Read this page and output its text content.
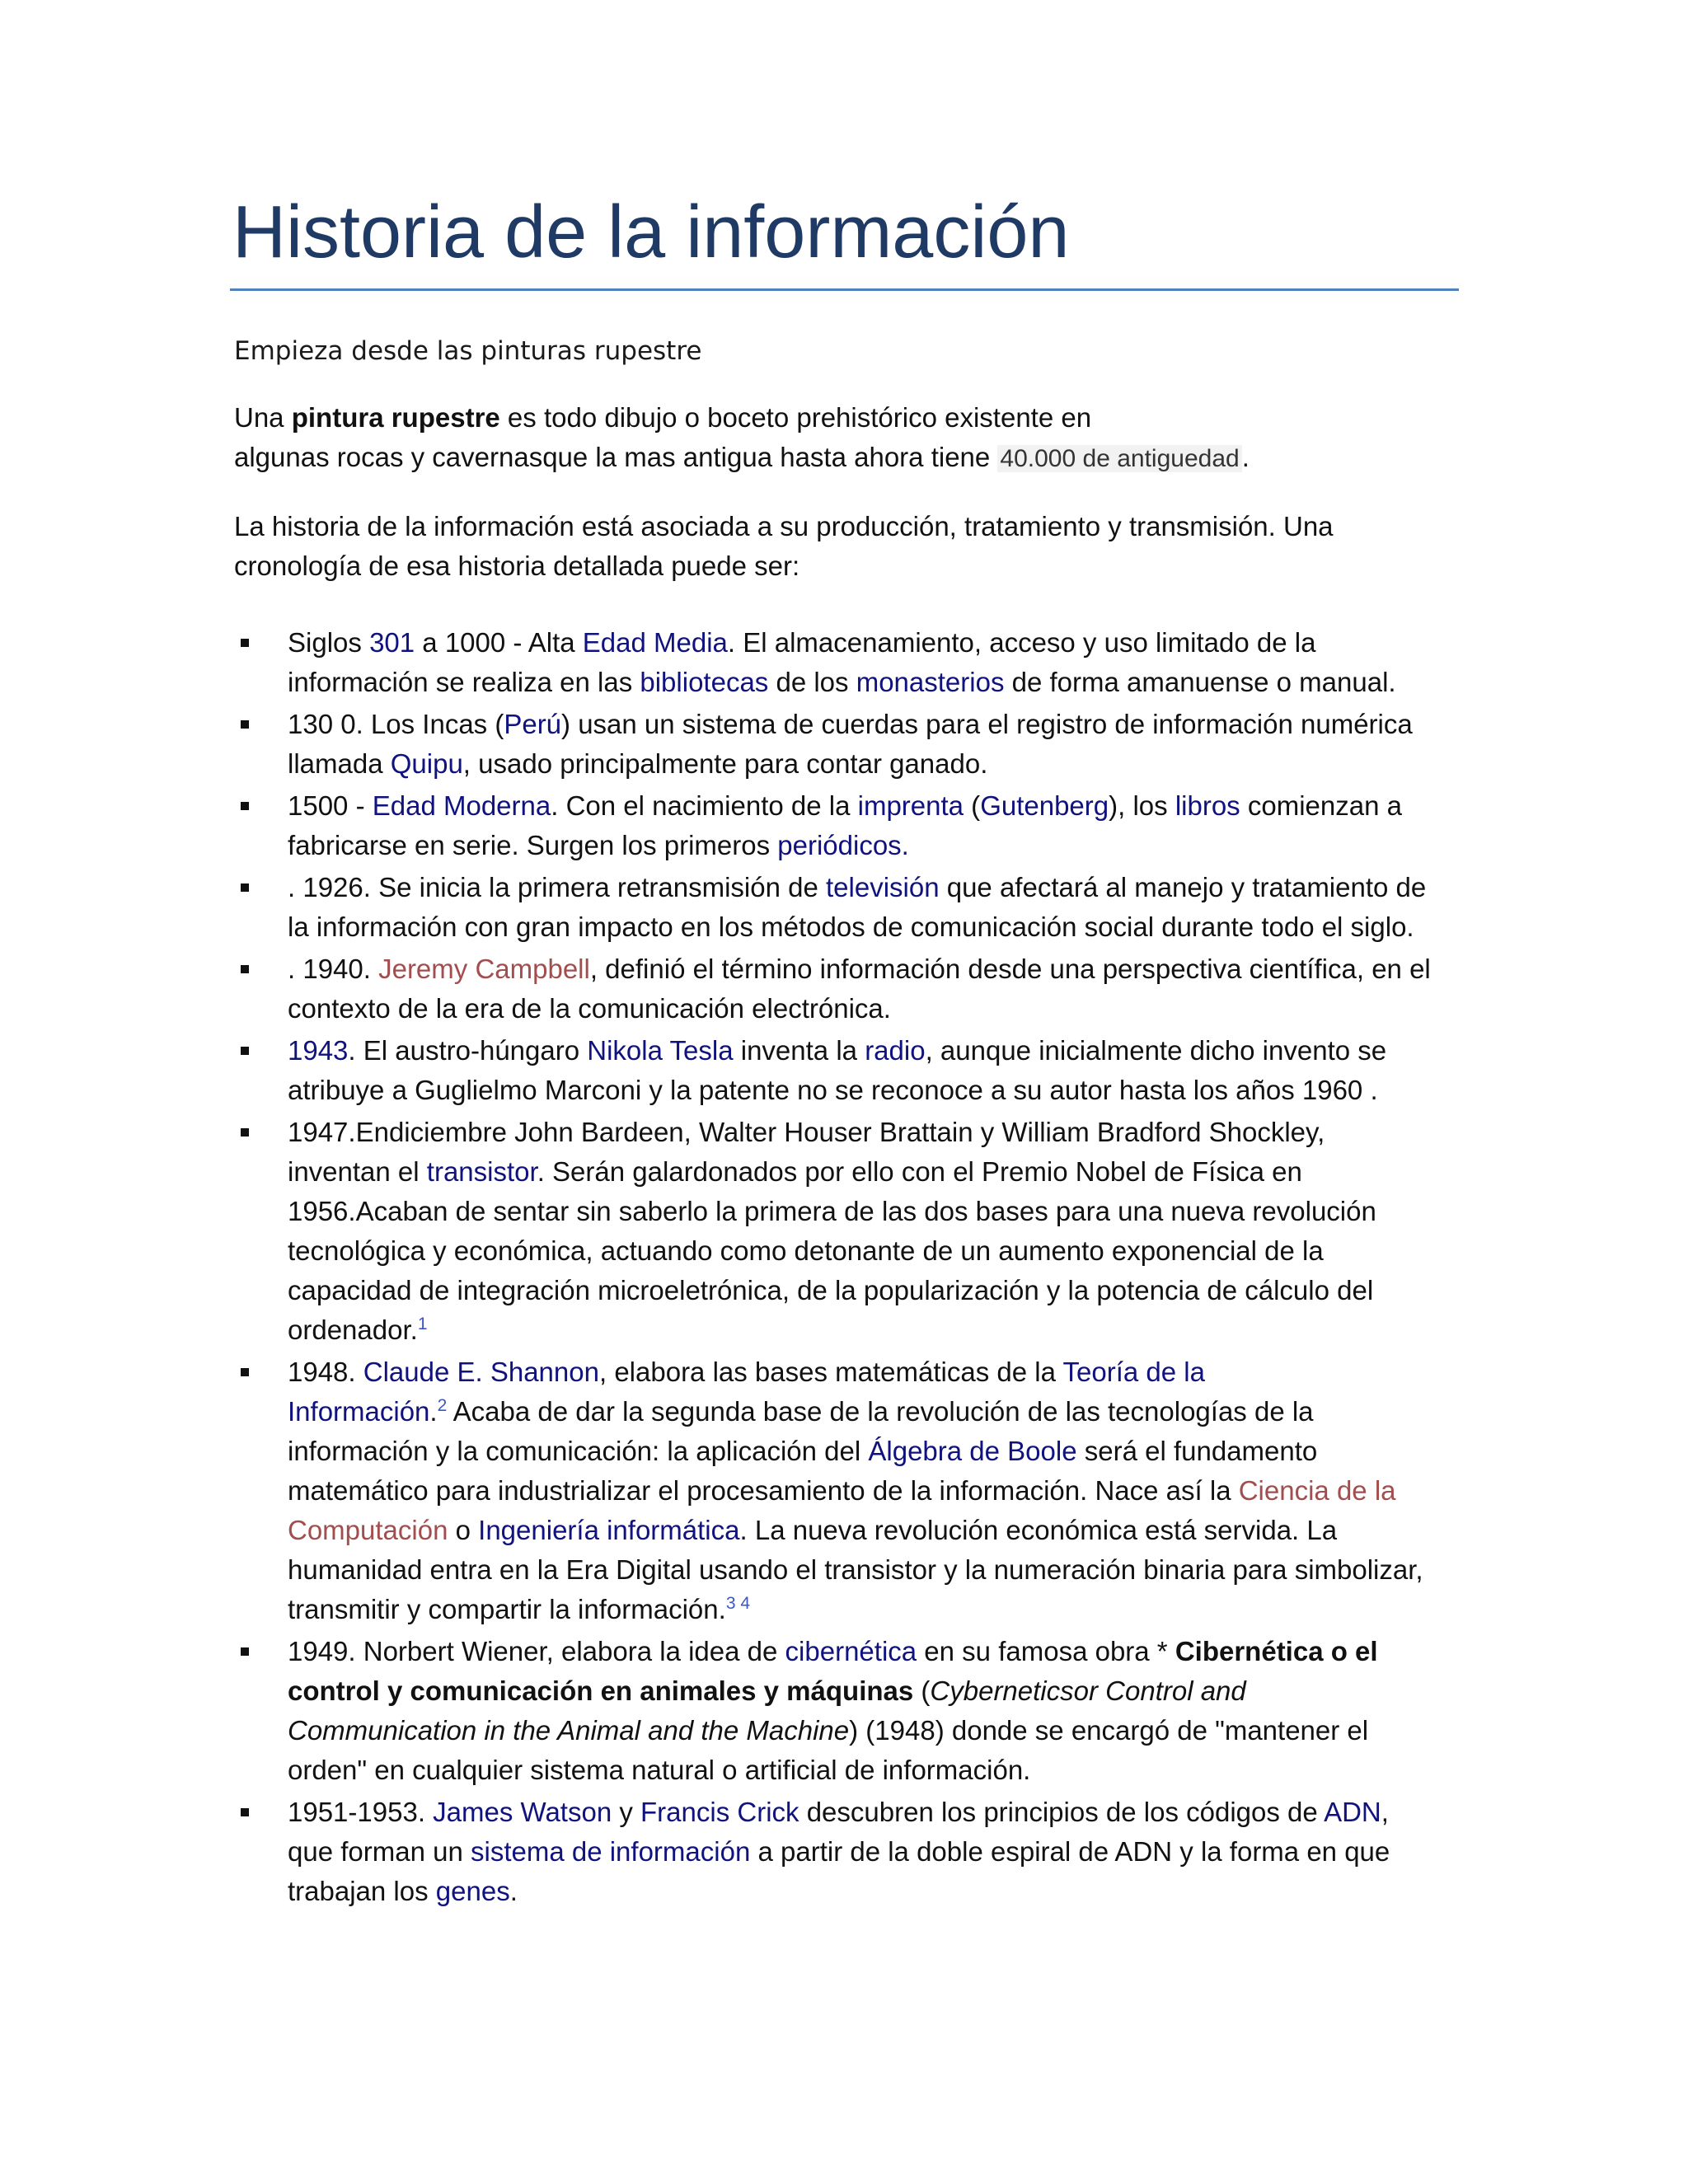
Historia de la información

Empieza desde las pinturas rupestre

Una pintura rupestre es todo dibujo o boceto prehistórico existente en
algunas rocas y cavernasque la mas antigua hasta ahora tiene 40.000 de antiguedad.

La historia de la información está asociada a su producción, tratamiento y transmisión. Una
cronología de esa historia detallada puede ser:

Siglos 301 a 1000 - Alta Edad Media. El almacenamiento, acceso y uso limitado de la
información se realiza en las bibliotecas de los monasterios de forma amanuense o manual.
130 0. Los Incas (Perú) usan un sistema de cuerdas para el registro de información numérica
llamada Quipu, usado principalmente para contar ganado.
1500 - Edad Moderna. Con el nacimiento de la imprenta (Gutenberg), los libros comienzan a
fabricarse en serie. Surgen los primeros periódicos.
. 1926. Se inicia la primera retransmisión de televisión que afectará al manejo y tratamiento de
la información con gran impacto en los métodos de comunicación social durante todo el siglo.
. 1940. Jeremy Campbell, definió el término información desde una perspectiva científica, en el
contexto de la era de la comunicación electrónica.
1943. El austro-húngaro Nikola Tesla inventa la radio, aunque inicialmente dicho invento se
atribuye a Guglielmo Marconi y la patente no se reconoce a su autor hasta los años 1960 .
1947.Endiciembre John Bardeen, Walter Houser Brattain y William Bradford Shockley,
inventan el transistor. Serán galardonados por ello con el Premio Nobel de Física en
1956.Acaban de sentar sin saberlo la primera de las dos bases para una nueva revolución
tecnológica y económica, actuando como detonante de un aumento exponencial de la
capacidad de integración microeletrónica, de la popularización y la potencia de cálculo del
ordenador.$^1$
1948. Claude E. Shannon, elabora las bases matemáticas de la Teoría de la
Información.$^2$ Acaba de dar la segunda base de la revolución de las tecnologías de la
información y la comunicación: la aplicación del Álgebra de Boole será el fundamento
matemático para industrializar el procesamiento de la información. Nace así la Ciencia de la
Computación o Ingeniería informática. La nueva revolución económica está servida. La
humanidad entra en la Era Digital usando el transistor y la numeración binaria para simbolizar,
transmitir y compartir la información.$^{3 4}$
1949. Norbert Wiener, elabora la idea de cibernética en su famosa obra * Cibernética o el
control y comunicación en animales y máquinas (Cyberneticsor Control and
Communication in the Animal and the Machine) (1948) donde se encargó de "mantener el
orden" en cualquier sistema natural o artificial de información.
1951-1953. James Watson y Francis Crick descubren los principios de los códigos de ADN,
que forman un sistema de información a partir de la doble espiral de ADN y la forma en que
trabajan los genes.
